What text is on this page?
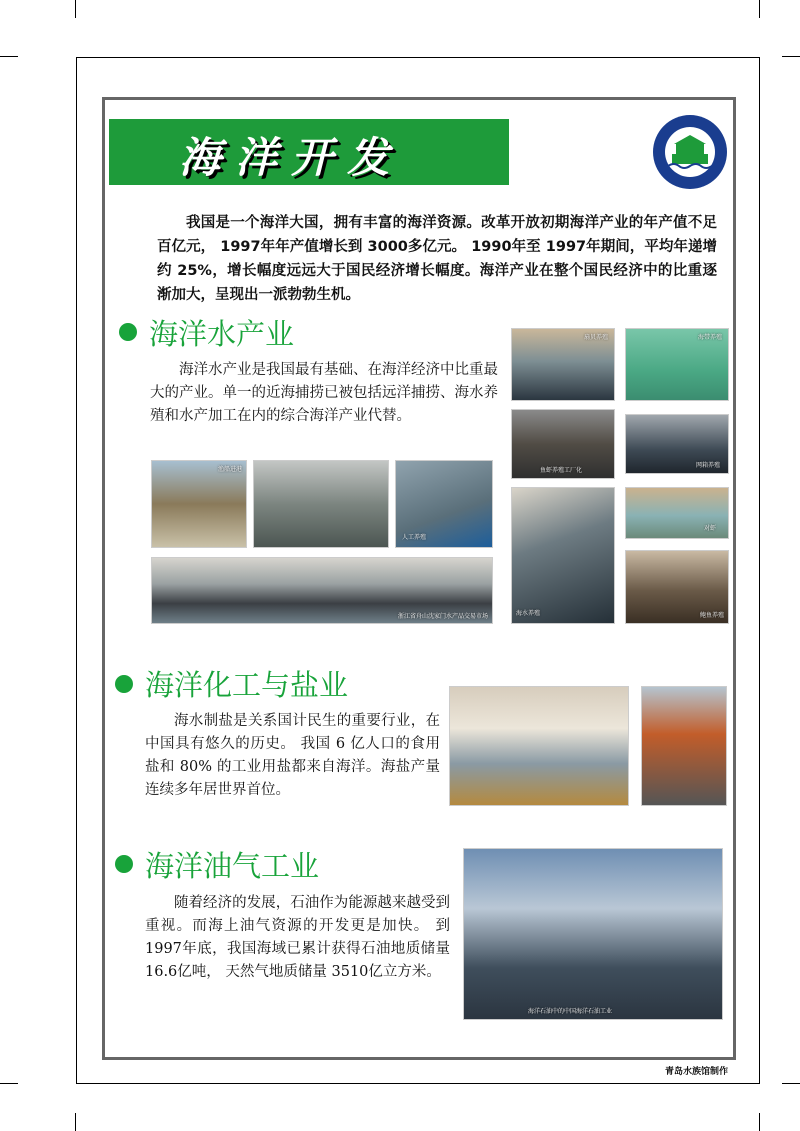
海洋开发

我国是一个海洋大国，拥有丰富的海洋资源。改革开放初期海洋产业的年产值不足百亿元， 1997年年产值增长到 3000多亿元。 1990年至 1997年期间，平均年递增约 25%，增长幅度远远大于国民经济增长幅度。海洋产业在整个国民经济中的比重逐渐加大，呈现出一派勃勃生机。

海洋水产业

海洋水产业是我国最有基础、在海洋经济中比重最大的产业。单一的近海捕捞已被包括远洋捕捞、海水养殖和水产加工在内的综合海洋产业代替。

扇贝养殖	海带养殖
鱼虾养殖工厂化
网箱养殖
海水养殖
对虾
鲍鱼养殖
渔船进港
人工养殖
浙江省舟山沈家门水产品交易市场
海洋化工与盐业

海水制盐是关系国计民生的重要行业，在中国具有悠久的历史。 我国 6 亿人口的食用盐和 80% 的工业用盐都来自海洋。海盐产量连续多年居世界首位。

海洋油气工业

随着经济的发展，石油作为能源越来越受到重视。而海上油气资源的开发更是加快。 到 1997年底，我国海域已累计获得石油地质储量 16.6亿吨， 天然气地质储量 3510亿立方米。

海洋石油中的中国海洋石油工业
青岛水族馆制作
